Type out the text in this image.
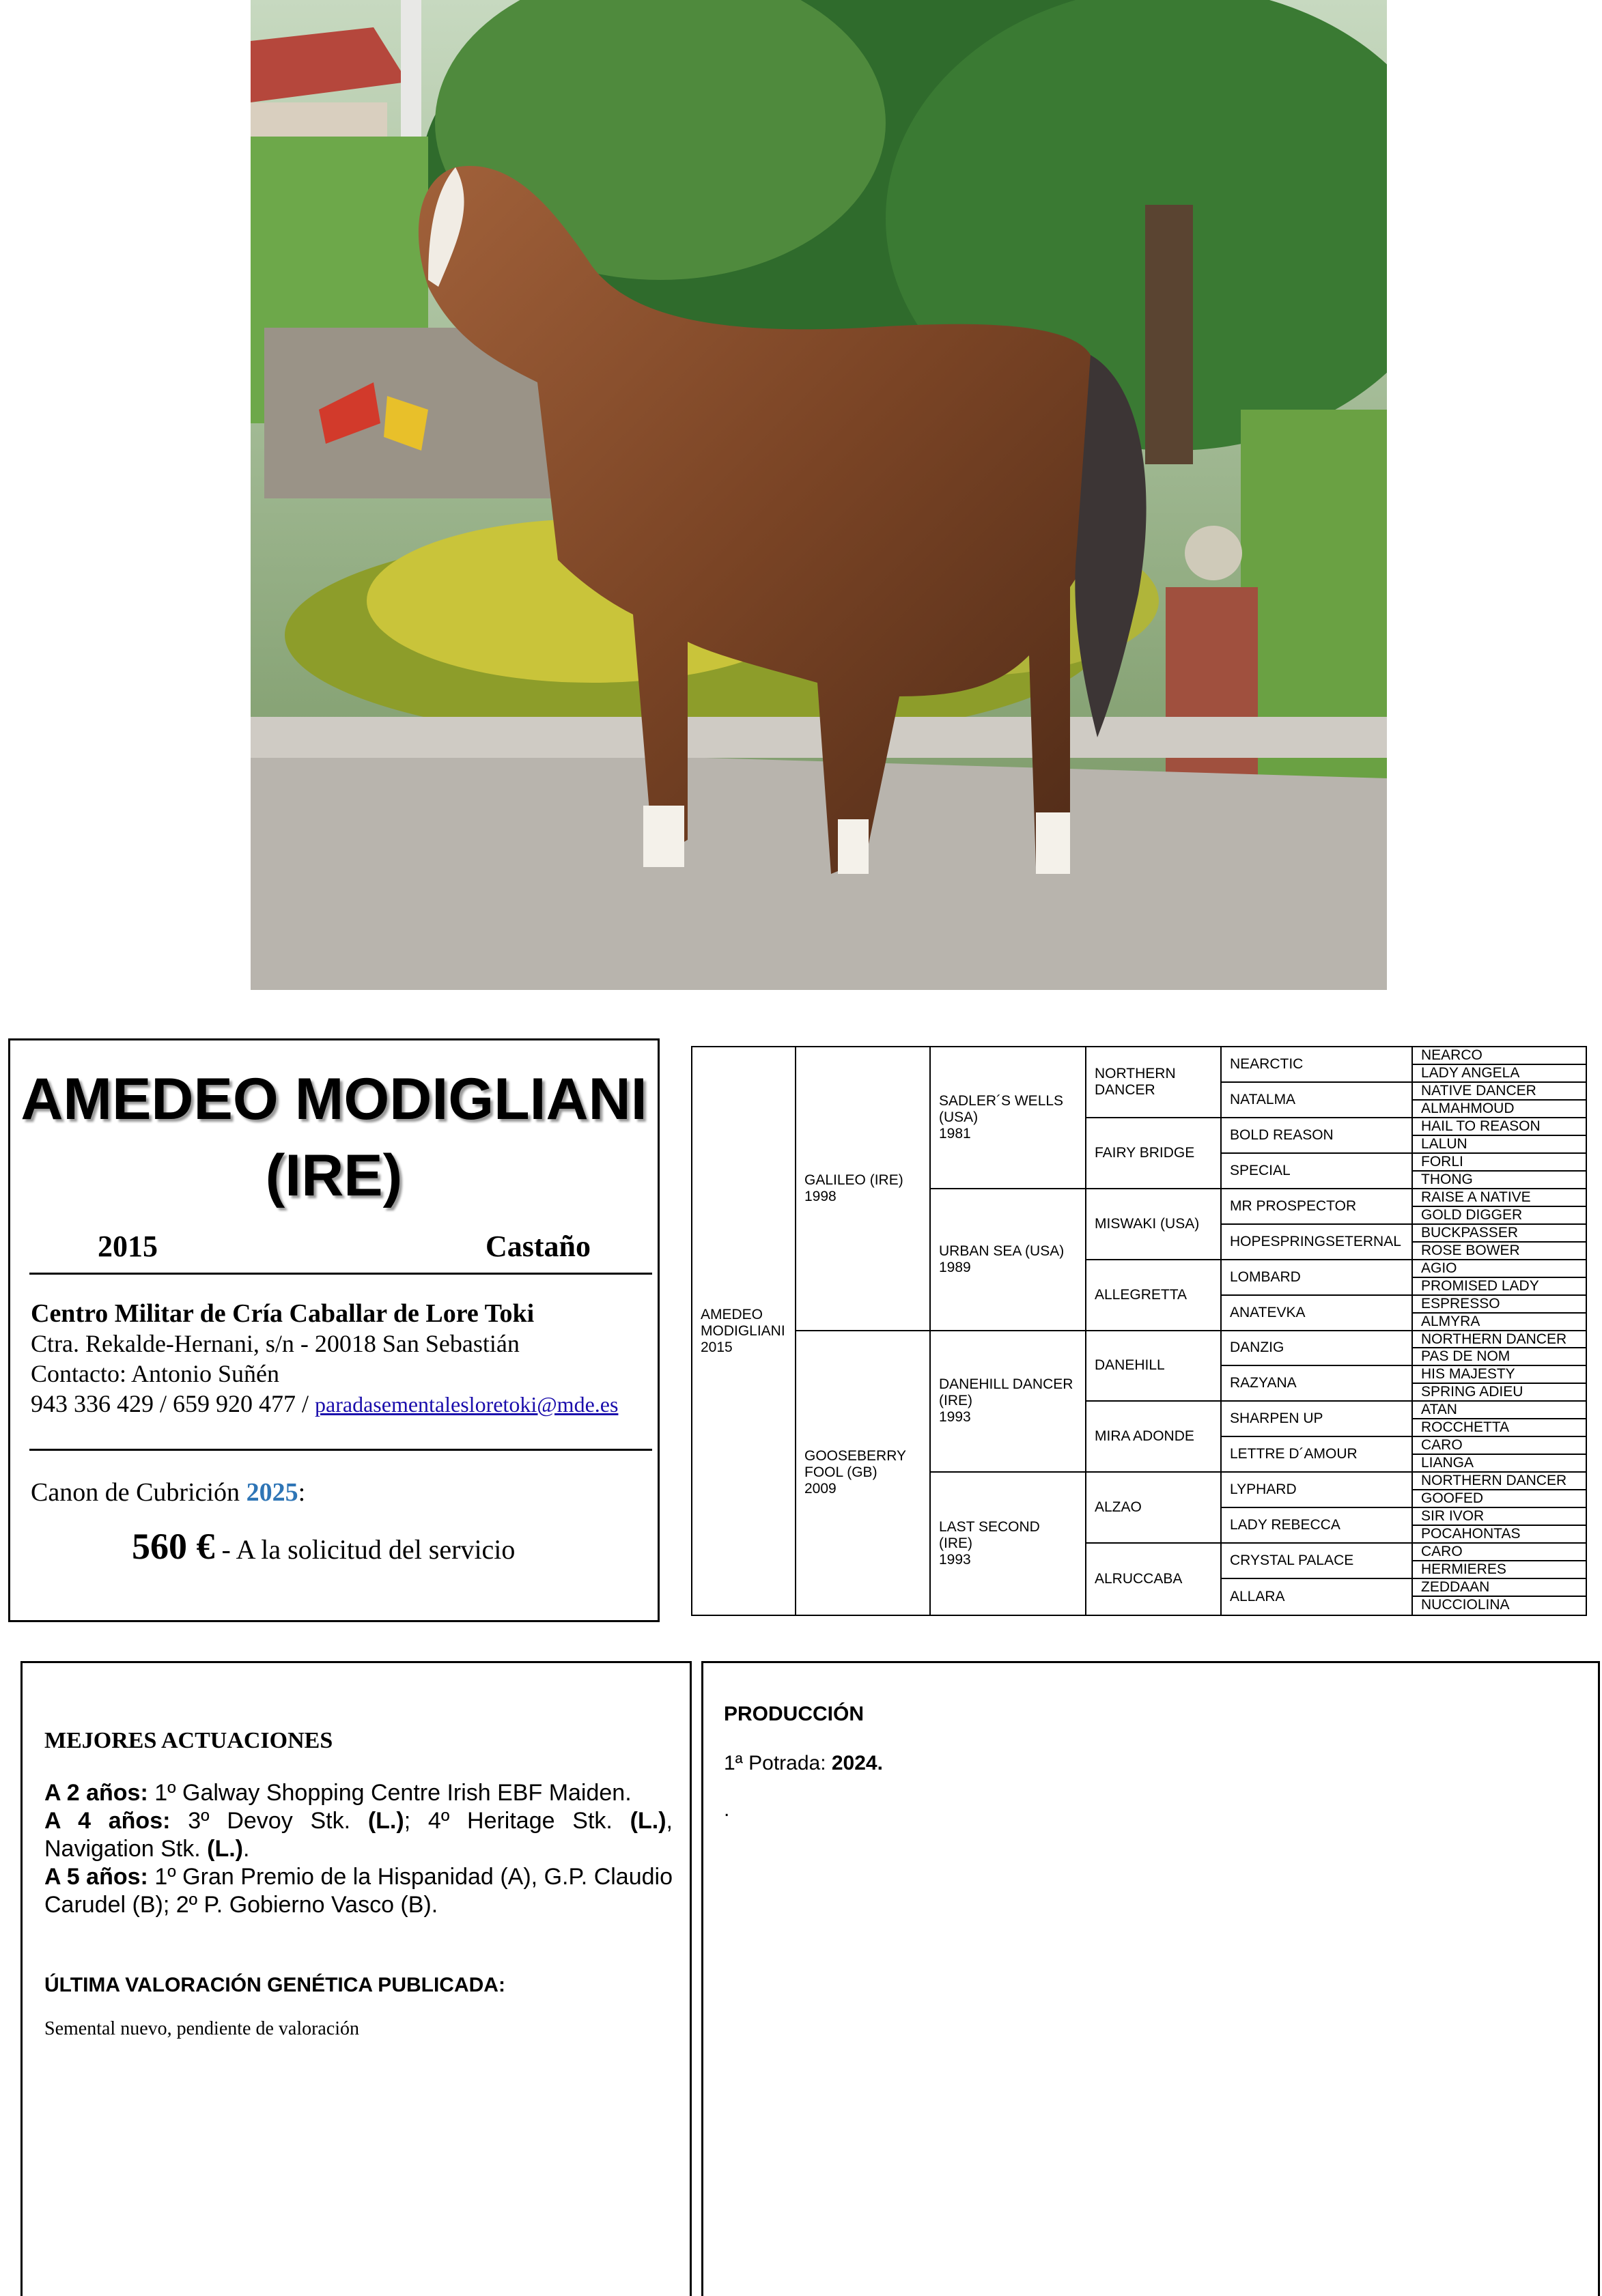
AMEDEO MODIGLIANI
(IRE)
2015	Castaño
Centro Militar de Cría Caballar de Lore Toki
Ctra. Rekalde-Hernani, s/n - 20018 San Sebastián
Contacto: Antonio Suñén
943 336 429 / 659 920 477 / paradasementalesloretoki@mde.es
Canon de Cubrición 2025:
560 € - A la solicitud del servicio
AMEDEO
MODIGLIANI
2015
GALILEO (IRE)
1998
GOOSEBERRY
FOOL (GB)
2009
SADLER´S WELLS
(USA)
1981
URBAN SEA (USA)
1989
DANEHILL DANCER
(IRE)
1993
LAST SECOND
(IRE)
1993
NORTHERN
DANCER
FAIRY BRIDGE
MISWAKI (USA)
ALLEGRETTA
DANEHILL
MIRA ADONDE
ALZAO
ALRUCCABA
NEARCTIC
NATALMA
BOLD REASON
SPECIAL
MR PROSPECTOR
HOPESPRINGSETERNAL
LOMBARD
ANATEVKA
DANZIG
RAZYANA
SHARPEN UP
LETTRE D´AMOUR
LYPHARD
LADY REBECCA
CRYSTAL PALACE
ALLARA
NEARCO
LADY ANGELA
NATIVE DANCER
ALMAHMOUD
HAIL TO REASON
LALUN
FORLI
THONG
RAISE A NATIVE
GOLD DIGGER
BUCKPASSER
ROSE BOWER
AGIO
PROMISED LADY
ESPRESSO
ALMYRA
NORTHERN DANCER
PAS DE NOM
HIS MAJESTY
SPRING ADIEU
ATAN
ROCCHETTA
CARO
LIANGA
NORTHERN DANCER
GOOFED
SIR IVOR
POCAHONTAS
CARO
HERMIERES
ZEDDAAN
NUCCIOLINA
MEJORES ACTUACIONES

A 2 años: 1º Galway Shopping Centre Irish EBF Maiden.

A 4 años: 3º Devoy Stk. (L.); 4º Heritage Stk. (L.), Navigation Stk. (L.).

A 5 años: 1º Gran Premio de la Hispanidad (A), G.P. Claudio Carudel (B); 2º P. Gobierno Vasco (B).

ÚLTIMA VALORACIÓN GENÉTICA PUBLICADA:
Semental nuevo, pendiente de valoración
PRODUCCIÓN
1ª Potrada: 2024.
.
